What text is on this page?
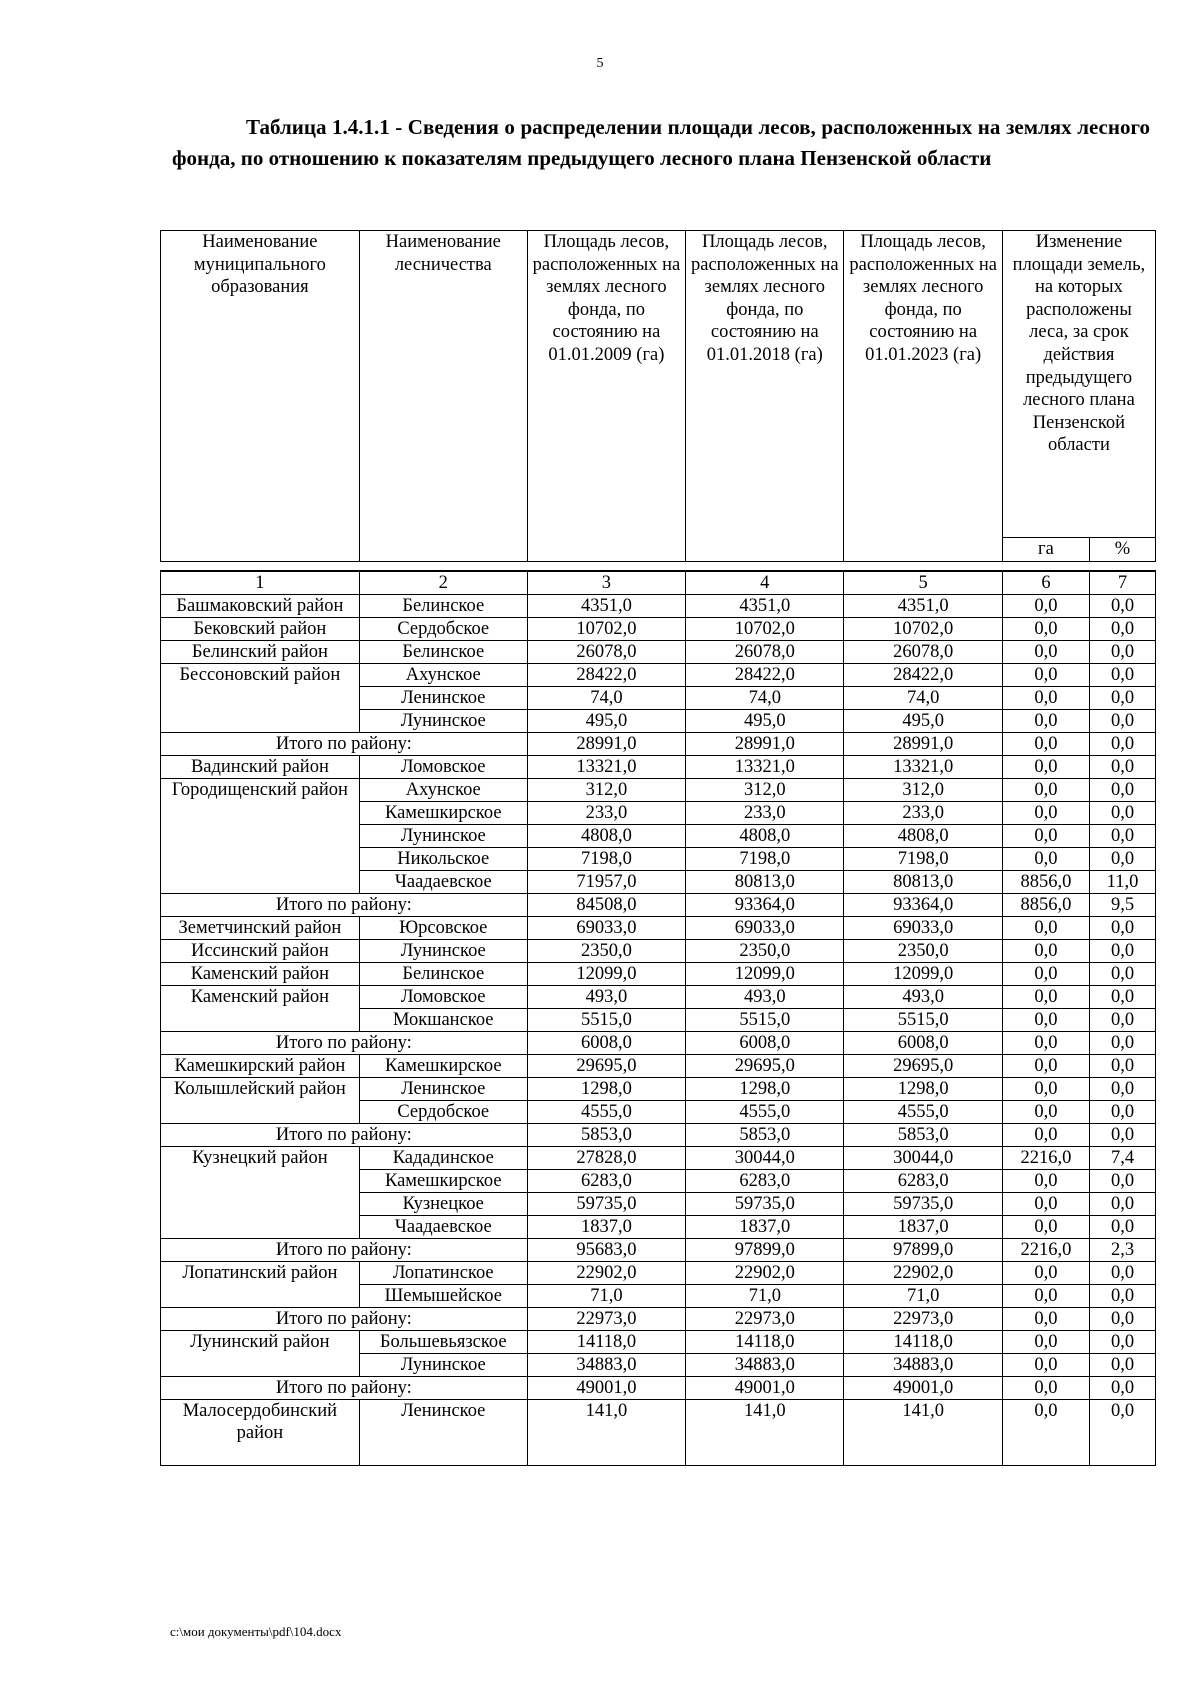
5
Таблица 1.4.1.1 - Сведения о распределении площади лесов, расположенных на землях лесного фонда, по отношению к показателям предыдущего лесного плана Пензенской области
Наименование муниципального образования	Наименование лесничества	Площадь лесов, расположенных на землях лесного фонда, по состоянию на 01.01.2009 (га)	Площадь лесов, расположенных на землях лесного фонда, по состоянию на 01.01.2018 (га)	Площадь лесов, расположенных на землях лесного фонда, по состоянию на 01.01.2023 (га)	Изменение площади земель, на которых расположены леса, за срок действия предыдущего лесного плана Пензенской области	
					га	%

1	2	3	4	5	6	7
Башмаковский район	Белинское	4351,0	4351,0	4351,0	0,0	0,0
Бековский район	Сердобское	10702,0	10702,0	10702,0	0,0	0,0
Белинский район	Белинское	26078,0	26078,0	26078,0	0,0	0,0
Бессоновский район	Ахунское	28422,0	28422,0	28422,0	0,0	0,0
	Ленинское	74,0	74,0	74,0	0,0	0,0
	Лунинское	495,0	495,0	495,0	0,0	0,0
Итого по району:		28991,0	28991,0	28991,0	0,0	0,0
Вадинский район	Ломовское	13321,0	13321,0	13321,0	0,0	0,0
Городищенский район	Ахунское	312,0	312,0	312,0	0,0	0,0
	Камешкирское	233,0	233,0	233,0	0,0	0,0
	Лунинское	4808,0	4808,0	4808,0	0,0	0,0
	Никольское	7198,0	7198,0	7198,0	0,0	0,0
	Чаадаевское	71957,0	80813,0	80813,0	8856,0	11,0
Итого по району:		84508,0	93364,0	93364,0	8856,0	9,5
Земетчинский район	Юрсовское	69033,0	69033,0	69033,0	0,0	0,0
Иссинский район	Лунинское	2350,0	2350,0	2350,0	0,0	0,0
Каменский район	Белинское	12099,0	12099,0	12099,0	0,0	0,0
Каменский район	Ломовское	493,0	493,0	493,0	0,0	0,0
	Мокшанское	5515,0	5515,0	5515,0	0,0	0,0
Итого по району:		6008,0	6008,0	6008,0	0,0	0,0
Камешкирский район	Камешкирское	29695,0	29695,0	29695,0	0,0	0,0
Колышлейский район	Ленинское	1298,0	1298,0	1298,0	0,0	0,0
	Сердобское	4555,0	4555,0	4555,0	0,0	0,0
Итого по району:		5853,0	5853,0	5853,0	0,0	0,0
Кузнецкий район	Кададинское	27828,0	30044,0	30044,0	2216,0	7,4
	Камешкирское	6283,0	6283,0	6283,0	0,0	0,0
	Кузнецкое	59735,0	59735,0	59735,0	0,0	0,0
	Чаадаевское	1837,0	1837,0	1837,0	0,0	0,0
Итого по району:		95683,0	97899,0	97899,0	2216,0	2,3
Лопатинский район	Лопатинское	22902,0	22902,0	22902,0	0,0	0,0
	Шемышейское	71,0	71,0	71,0	0,0	0,0
Итого по району:		22973,0	22973,0	22973,0	0,0	0,0
Лунинский район	Большевьязское	14118,0	14118,0	14118,0	0,0	0,0
	Лунинское	34883,0	34883,0	34883,0	0,0	0,0
Итого по району:		49001,0	49001,0	49001,0	0,0	0,0
Малосердобинский район	Ленинское	141,0	141,0	141,0	0,0	0,0
c:\мои документы\pdf\104.docx
